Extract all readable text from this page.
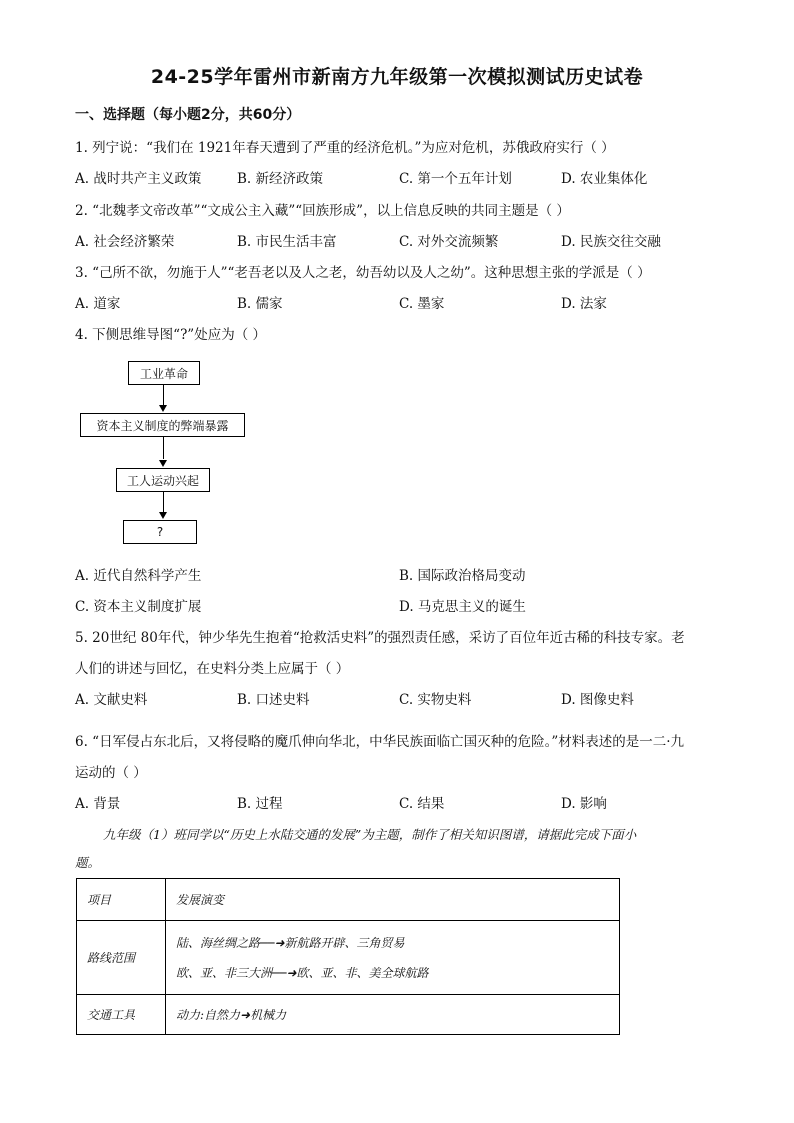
24-25学年雷州市新南方九年级第一次模拟测试历史试卷
一、选择题（每小题2分，共60分）
1. 列宁说：“我们在 1921年春天遭到了严重的经济危机。”为应对危机，苏俄政府实行（ ）
A. 战时共产主义政策	B. 新经济政策	C. 第一个五年计划	D. 农业集体化
2. “北魏孝文帝改革”“文成公主入藏”“回族形成”，以上信息反映的共同主题是（ ）
A. 社会经济繁荣	B. 市民生活丰富	C. 对外交流频繁	D. 民族交往交融
3. “己所不欲，勿施于人”“老吾老以及人之老，幼吾幼以及人之幼”。这种思想主张的学派是（ ）
A. 道家	B. 儒家	C. 墨家	D. 法家
4. 下侧思维导图“?”处应为（ ）
工业革命
资本主义制度的弊端暴露
工人运动兴起
?
A. 近代自然科学产生	B. 国际政治格局变动
C. 资本主义制度扩展	D. 马克思主义的诞生
5. 20世纪 80年代，钟少华先生抱着“抢救活史料”的强烈责任感，采访了百位年近古稀的科技专家。老
人们的讲述与回忆，在史料分类上应属于（ ）
A. 文献史料	B. 口述史料	C. 实物史料	D. 图像史料
6. “日军侵占东北后，又将侵略的魔爪伸向华北，中华民族面临亡国灭种的危险。”材料表述的是一二·九
运动的（ ）
A. 背景	B. 过程	C. 结果	D. 影响
九年级（1）班同学以“历史上水陆交通的发展”为主题，制作了相关知识图谱，请据此完成下面小
题。
项目	发展演变
路线范围	陆、海丝绸之路──➜新航路开辟、三角贸易
欧、亚、非三大洲──➜欧、亚、非、美全球航路

交通工具	动力:自然力➜机械力
